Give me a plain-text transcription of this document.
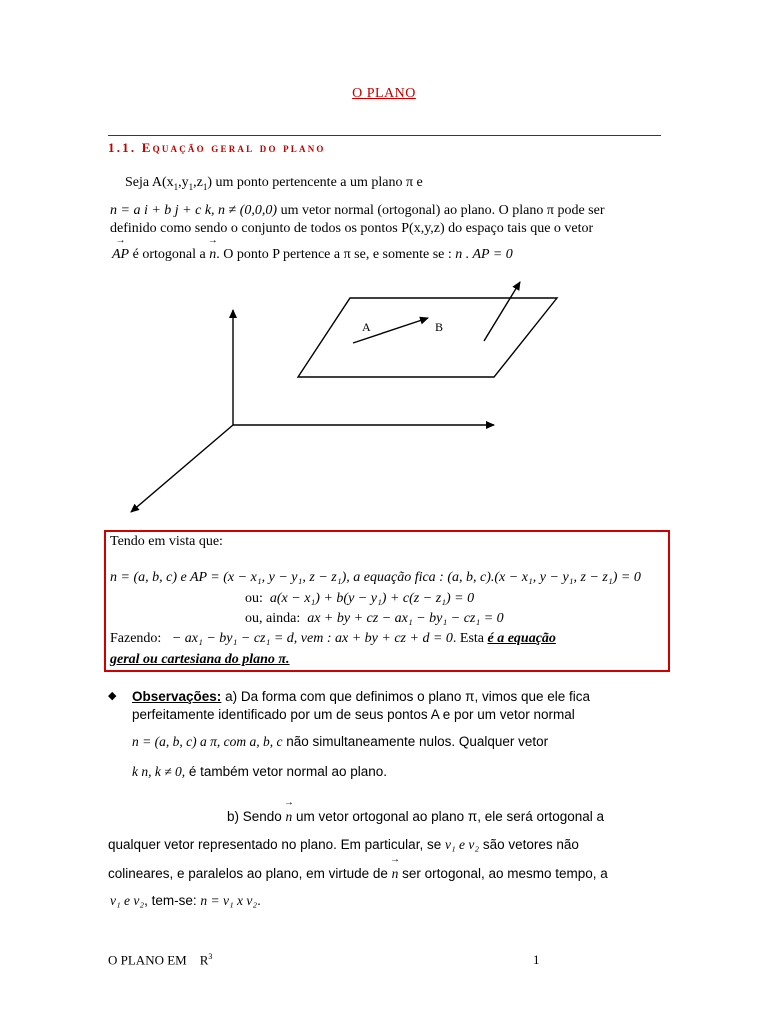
O PLANO
1.1. Equação geral do plano
Seja $A(x_1,y_1,z_1)$ um ponto pertencente a um plano π e
n = a i + b j + c k, n ≠ (0,0,0) um vetor normal (ortogonal) ao plano. O plano π pode ser
definido como sendo o conjunto de todos os pontos P(x,y,z) do espaço tais que o vetor
→ AP é ortogonal a → n. O ponto P pertence a π se, e somente se : n . AP = 0
A	B
Tendo em vista que:
n = (a, b, c) e AP = (x − x₁, y − y₁, z − z₁), a equação fica : (a, b, c).(x − x₁, y − y₁, z − z₁) = 0
ou: a(x − x₁) + b(y − y₁) + c(z − z₁) = 0
ou, ainda: ax + by + cz − ax₁ − by₁ − cz₁ = 0
Fazendo: − ax₁ − by₁ − cz₁ = d, vem : ax + by + cz + d = 0. Esta é a equação
geral ou cartesiana do plano π.
◆ Observações: a) Da forma com que definimos o plano π, vimos que ele fica
perfeitamente identificado por um de seus pontos A e por um vetor normal
n = (a, b, c) a π, com a, b, c não simultaneamente nulos. Qualquer vetor
k n, k ≠ 0, é também vetor normal ao plano.
b) Sendo → n um vetor ortogonal ao plano π, ele será ortogonal a
qualquer vetor representado no plano. Em particular, se v₁ e v₂ são vetores não
colineares, e paralelos ao plano, em virtude de → n ser ortogonal, ao mesmo tempo, a
v₁ e v₂, tem-se: n = v₁ x v₂.
O PLANO EM $R^3$	1
